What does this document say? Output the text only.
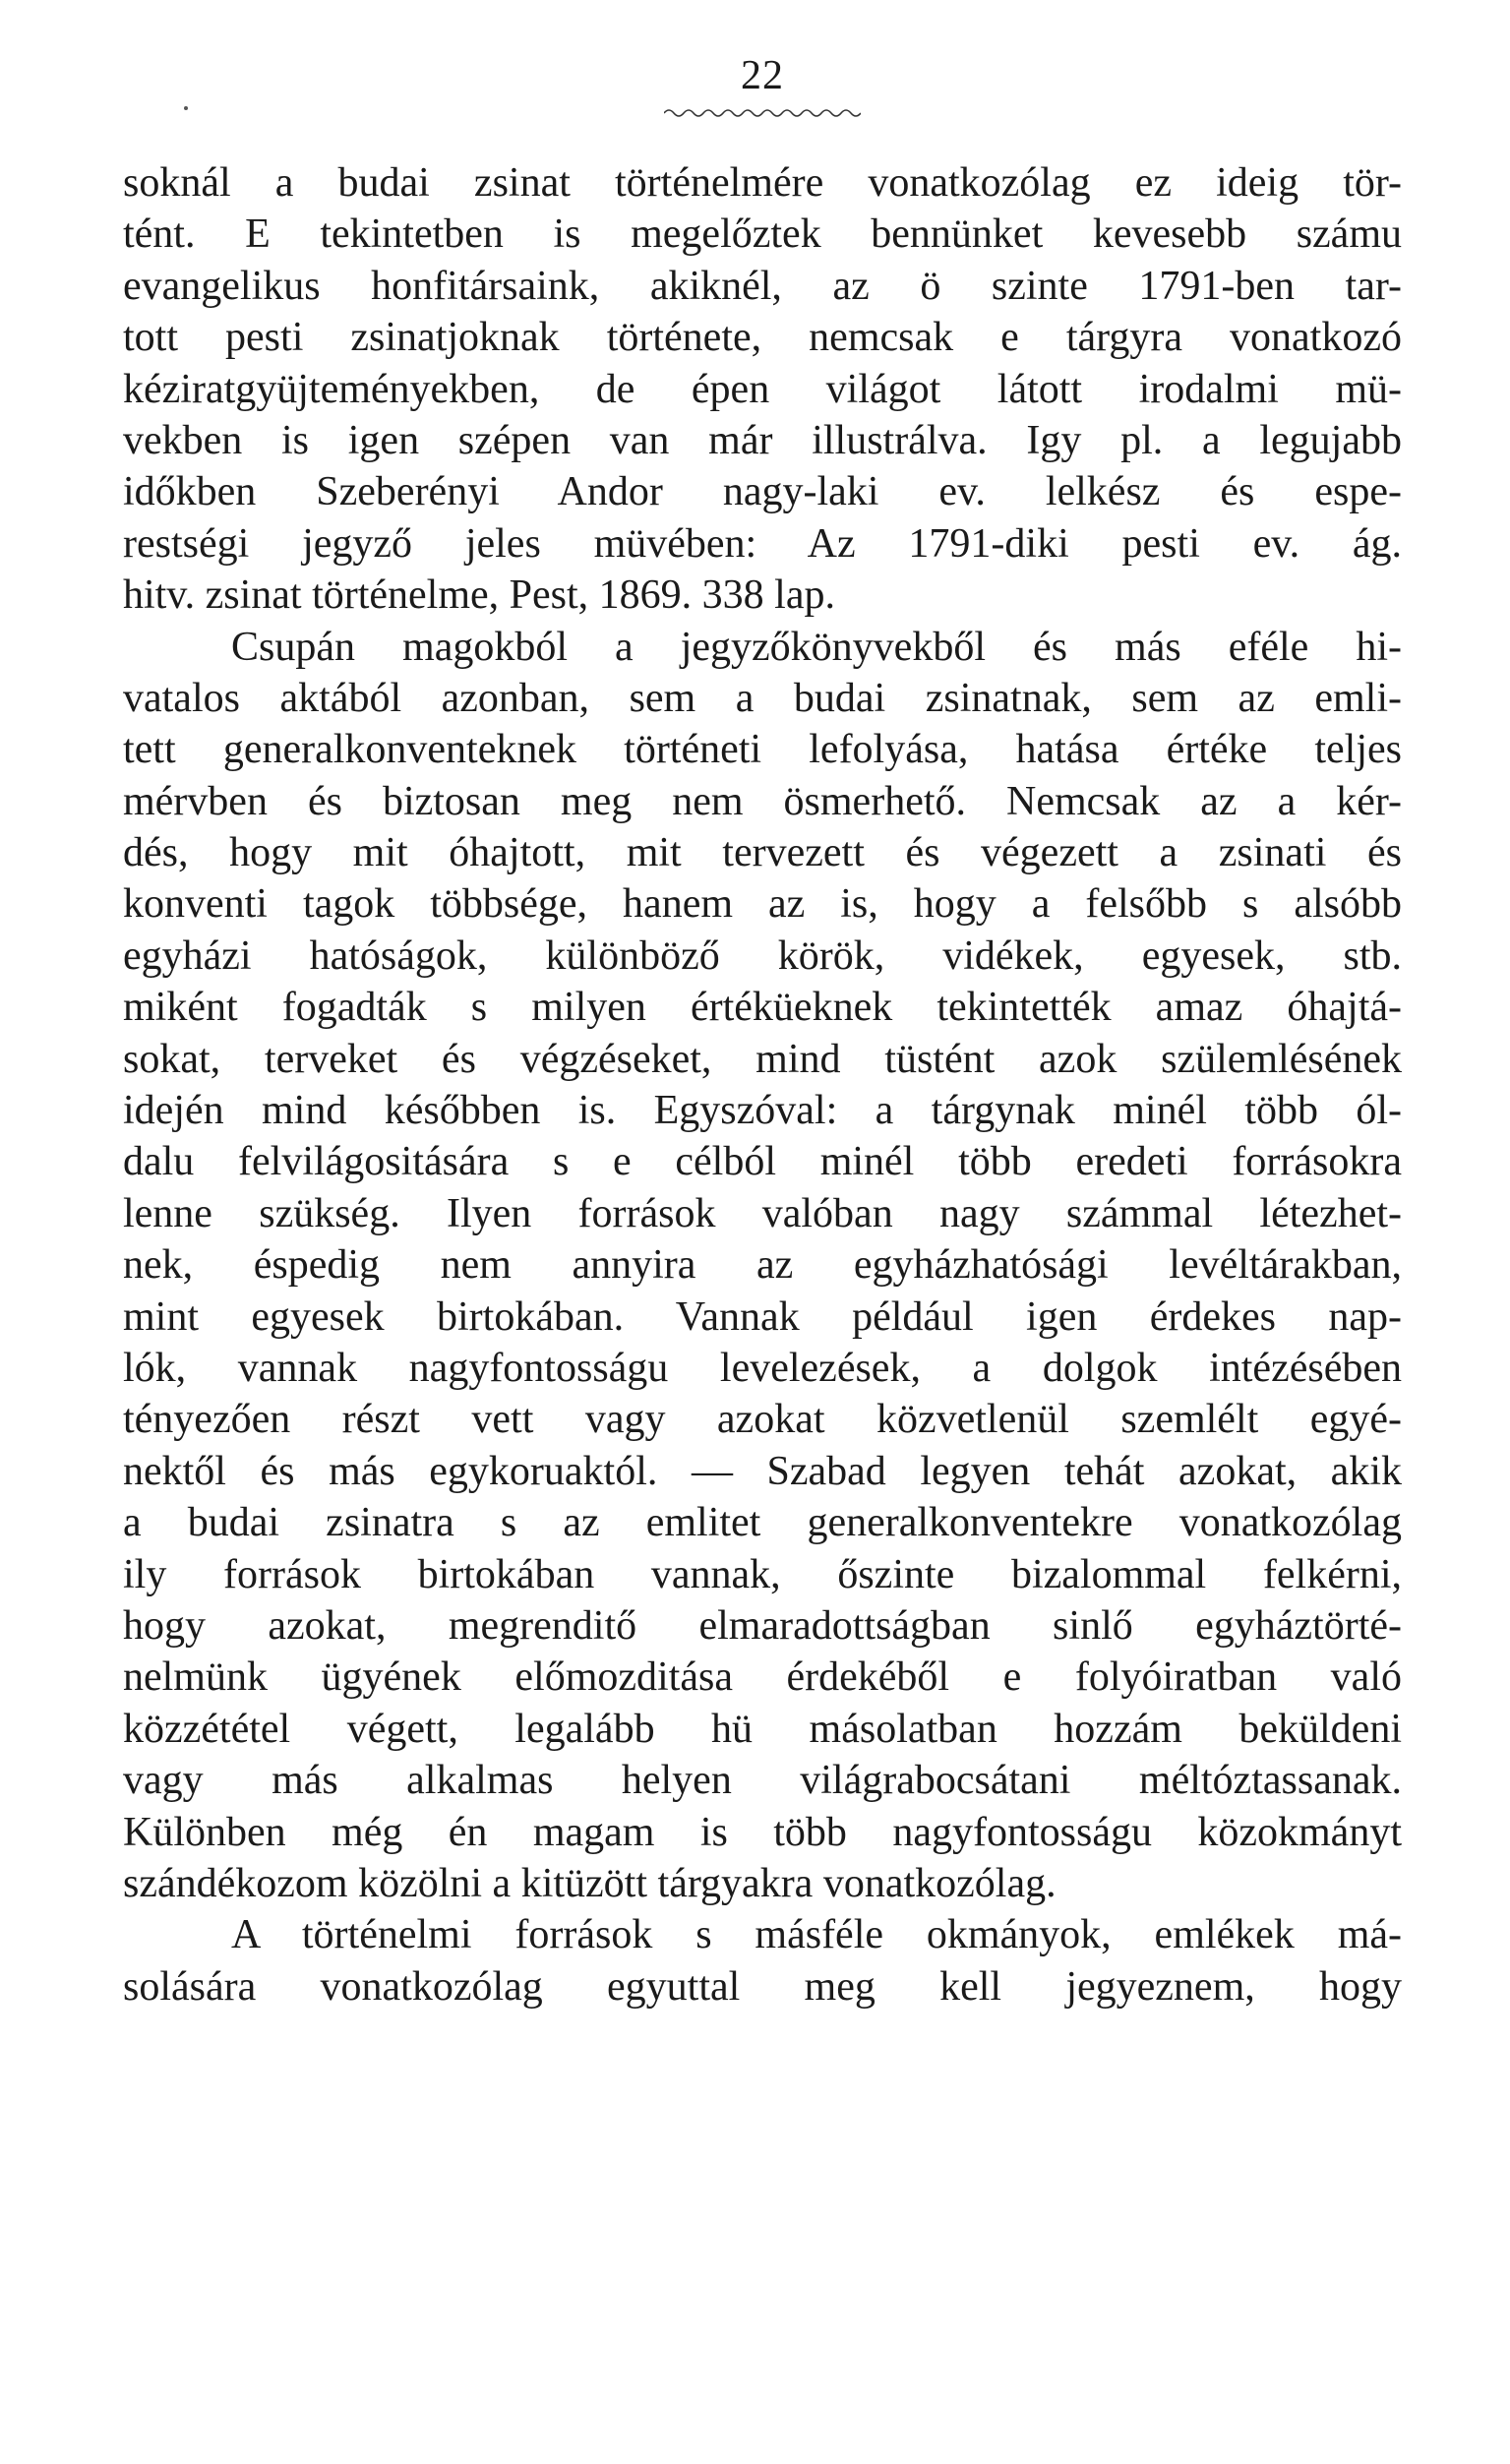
22
soknál a budai zsinat történelmére vonatkozólag ez ideig tör-
tént. E tekintetben is megelőztek bennünket kevesebb számu
evangelikus honfitársaink, akiknél, az ö szinte 1791-ben tar-
tott pesti zsinatjoknak története, nemcsak e tárgyra vonatkozó
kéziratgyüjteményekben, de épen világot látott irodalmi mü-
vekben is igen szépen van már illustrálva. Igy pl. a legujabb
időkben Szeberényi Andor nagy-laki ev. lelkész és espe-
restségi jegyző jeles müvében: Az 1791-diki pesti ev. ág.
hitv. zsinat történelme, Pest, 1869. 338 lap.
Csupán magokból a jegyzőkönyvekből és más eféle hi-
vatalos aktából azonban, sem a budai zsinatnak, sem az emli-
tett generalkonventeknek történeti lefolyása, hatása értéke teljes
mérvben és biztosan meg nem ösmerhető. Nemcsak az a kér-
dés, hogy mit óhajtott, mit tervezett és végezett a zsinati és
konventi tagok többsége, hanem az is, hogy a felsőbb s alsóbb
egyházi hatóságok, különböző körök, vidékek, egyesek, stb.
miként fogadták s milyen értéküeknek tekintették amaz óhajtá-
sokat, terveket és végzéseket, mind tüstént azok szülemlésének
idején mind későbben is. Egyszóval: a tárgynak minél több ól-
dalu felvilágositására s e célból minél több eredeti forrásokra
lenne szükség. Ilyen források valóban nagy számmal létezhet-
nek, éspedig nem annyira az egyházhatósági levéltárakban,
mint egyesek birtokában. Vannak például igen érdekes nap-
lók, vannak nagyfontosságu levelezések, a dolgok intézésében
tényezően részt vett vagy azokat közvetlenül szemlélt egyé-
nektől és más egykoruaktól. — Szabad legyen tehát azokat, akik
a budai zsinatra s az emlitet generalkonventekre vonatkozólag
ily források birtokában vannak, őszinte bizalommal felkérni,
hogy azokat, megrenditő elmaradottságban sinlő egyháztörté-
nelmünk ügyének előmozditása érdekéből e folyóiratban való
közzététel végett, legalább hü másolatban hozzám beküldeni
vagy más alkalmas helyen világrabocsátani méltóztassanak.
Különben még én magam is több nagyfontosságu közokmányt
szándékozom közölni a kitüzött tárgyakra vonatkozólag.
A történelmi források s másféle okmányok, emlékek má-
solására vonatkozólag egyuttal meg kell jegyeznem, hogy
